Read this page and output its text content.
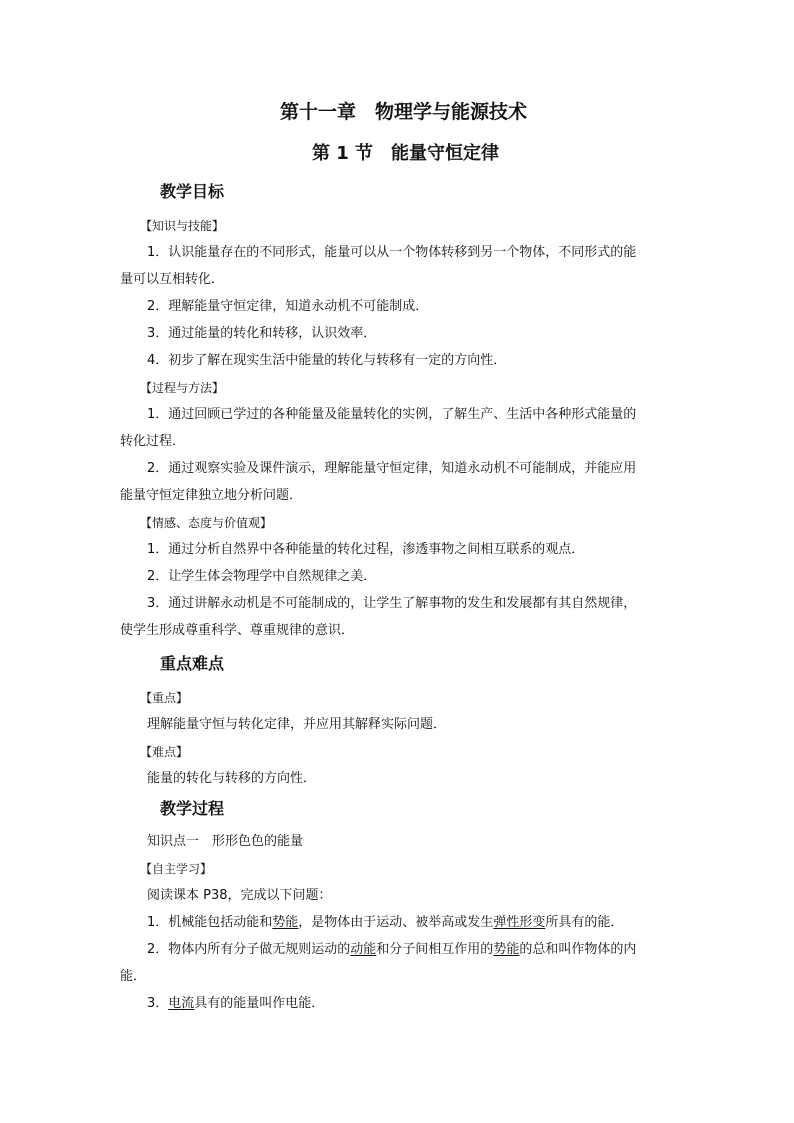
第十一章　物理学与能源技术
第 1 节　能量守恒定律
教学目标
【知识与技能】
1．认识能量存在的不同形式，能量可以从一个物体转移到另一个物体，不同形式的能
量可以互相转化．
2．理解能量守恒定律，知道永动机不可能制成．
3．通过能量的转化和转移，认识效率．
4．初步了解在现实生活中能量的转化与转移有一定的方向性．
【过程与方法】
1．通过回顾已学过的各种能量及能量转化的实例，了解生产、生活中各种形式能量的
转化过程．
2．通过观察实验及课件演示，理解能量守恒定律，知道永动机不可能制成，并能应用
能量守恒定律独立地分析问题．
【情感、态度与价值观】
1．通过分析自然界中各种能量的转化过程，渗透事物之间相互联系的观点．
2．让学生体会物理学中自然规律之美．
3．通过讲解永动机是不可能制成的，让学生了解事物的发生和发展都有其自然规律，
使学生形成尊重科学、尊重规律的意识．
重点难点
【重点】
理解能量守恒与转化定律，并应用其解释实际问题．
【难点】
能量的转化与转移的方向性．
教学过程
知识点一　形形色色的能量
【自主学习】
阅读课本 P38，完成以下问题：
1．机械能包括动能和势能，是物体由于运动、被举高或发生弹性形变所具有的能．
2．物体内所有分子做无规则运动的动能和分子间相互作用的势能的总和叫作物体的内
能．
3．电流具有的能量叫作电能．
